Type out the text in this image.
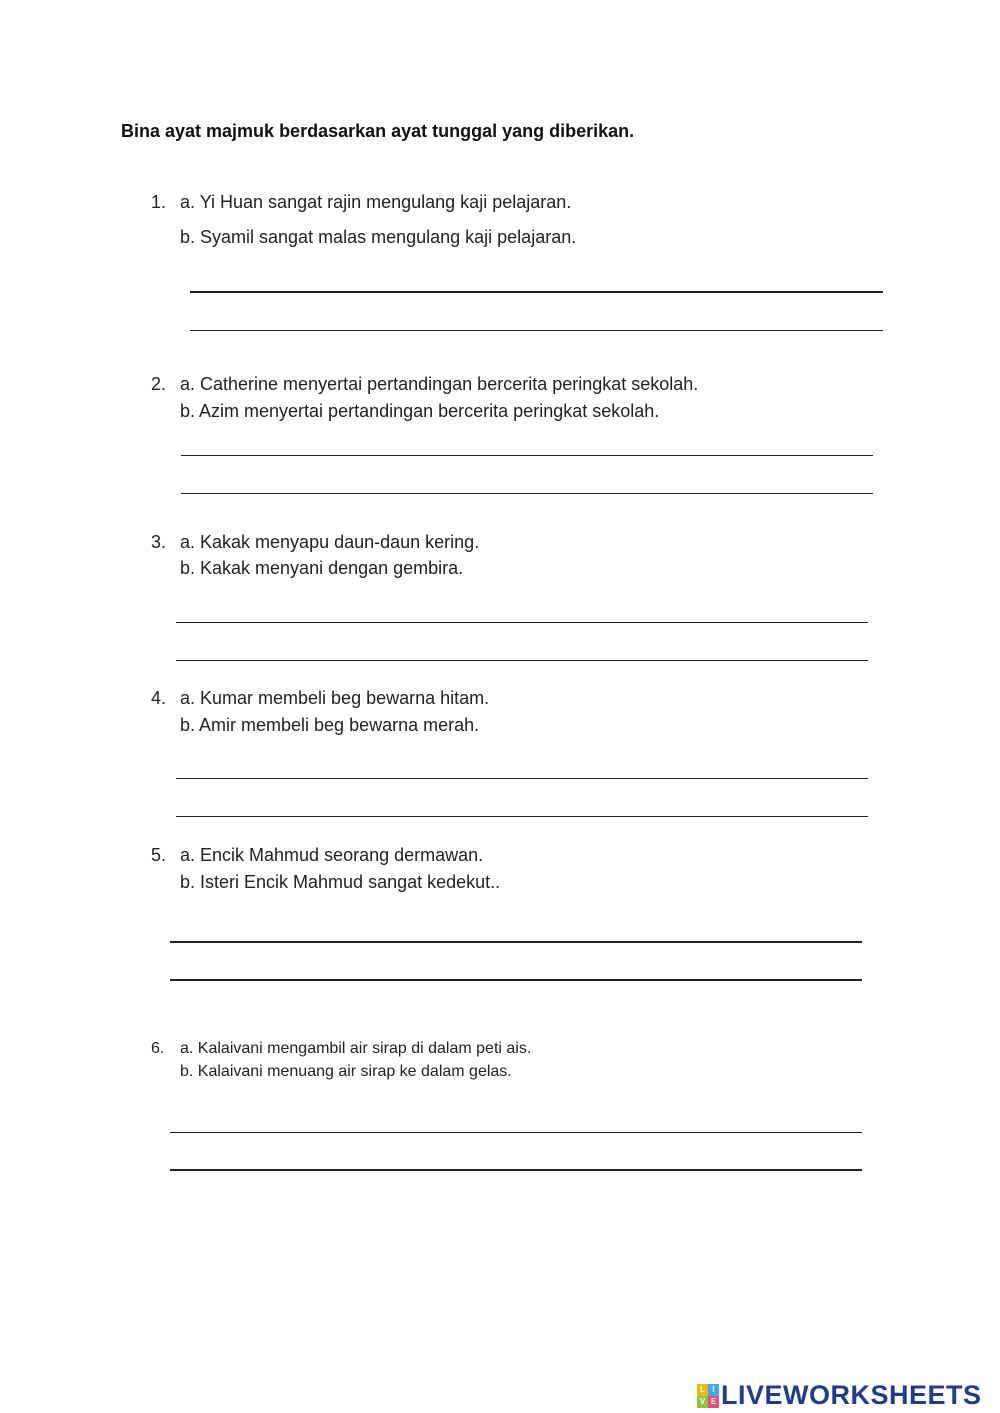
Bina ayat majmuk berdasarkan ayat tunggal yang diberikan.
1. a. Yi Huan sangat rajin mengulang kaji pelajaran.
b. Syamil sangat malas mengulang kaji pelajaran.
2. a. Catherine menyertai pertandingan bercerita peringkat sekolah.
b. Azim menyertai pertandingan bercerita peringkat sekolah.
3. a. Kakak menyapu daun-daun kering.
b. Kakak menyani dengan gembira.
4. a. Kumar membeli beg bewarna hitam.
b. Amir membeli beg bewarna merah.
5. a. Encik Mahmud seorang dermawan.
b. Isteri Encik Mahmud sangat kedekut..
6. a. Kalaivani mengambil air sirap di dalam peti ais.
b. Kalaivani menuang air sirap ke dalam gelas.
L I
V E LIVEWORKSHEETS
